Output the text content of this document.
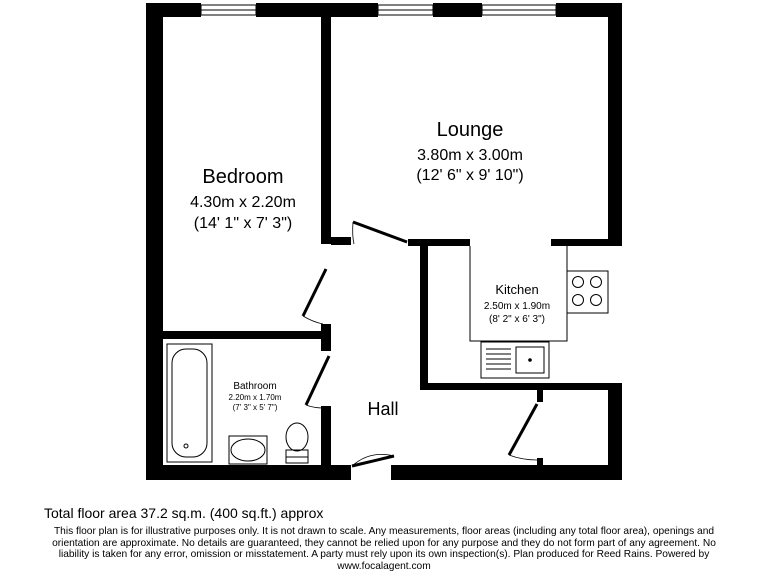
Lounge
3.80m x 3.00m
(12' 6" x 9' 10")
Bedroom
4.30m x 2.20m
(14' 1" x 7' 3")
Kitchen
2.50m x 1.90m
(8' 2" x 6' 3")
Bathroom
2.20m x 1.70m
(7' 3" x 5' 7")	Hall
Total floor area 37.2 sq.m. (400 sq.ft.) approx
This floor plan is for illustrative purposes only. It is not drawn to scale. Any measurements, floor areas (including any total floor area), openings and orientation are approximate. No details are guaranteed, they cannot be relied upon for any purpose and they do not form part of any agreement. No liability is taken for any error, omission or misstatement. A party must rely upon its own inspection(s). Plan produced for Reed Rains. Powered by
www.focalagent.com
